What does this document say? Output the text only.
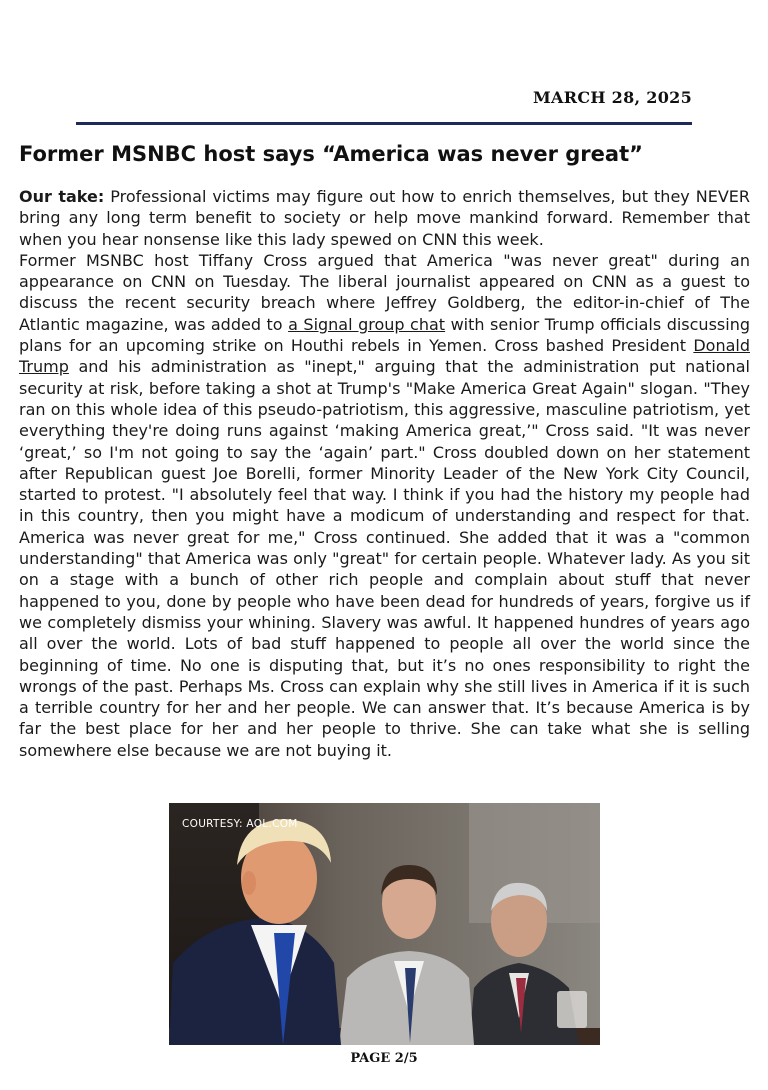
MARCH 28, 2025
Former MSNBC host says “America was never great”

Our take: Professional victims may figure out how to enrich themselves, but they NEVER bring any long term benefit to society or help move mankind forward. Remember that when you hear nonsense like this lady spewed on CNN this week.

Former MSNBC host Tiffany Cross argued that America "was never great" during an appearance on CNN on Tuesday. The liberal journalist appeared on CNN as a guest to discuss the recent security breach where Jeffrey Goldberg, the editor-in-chief of The Atlantic magazine, was added to a Signal group chat with senior Trump officials discussing plans for an upcoming strike on Houthi rebels in Yemen. Cross bashed President Donald Trump and his administration as "inept," arguing that the administration put national security at risk, before taking a shot at Trump's "Make America Great Again" slogan. "They ran on this whole idea of this pseudo-patriotism, this aggressive, masculine patriotism, yet everything they're doing runs against ‘making America great,’" Cross said. "It was never ‘great,’ so I'm not going to say the ‘again’ part." Cross doubled down on her statement after Republican guest Joe Borelli, former Minority Leader of the New York City Council, started to protest. "I absolutely feel that way. I think if you had the history my people had in this country, then you might have a modicum of understanding and respect for that. America was never great for me," Cross continued. She added that it was a "common understanding" that America was only "great" for certain people. Whatever lady. As you sit on a stage with a bunch of other rich people and complain about stuff that never happened to you, done by people who have been dead for hundreds of years, forgive us if we completely dismiss your whining. Slavery was awful. It happened hundres of years ago all over the world. Lots of bad stuff happened to people all over the world since the beginning of time. No one is disputing that, but it’s no ones responsibility to right the wrongs of the past. Perhaps Ms. Cross can explain why she still lives in America if it is such a terrible country for her and her people. We can answer that. It’s because America is by far the best place for her and her people to thrive. She can take what she is selling somewhere else because we are not buying it.

COURTESY: AOL.COM
PAGE 2/5
